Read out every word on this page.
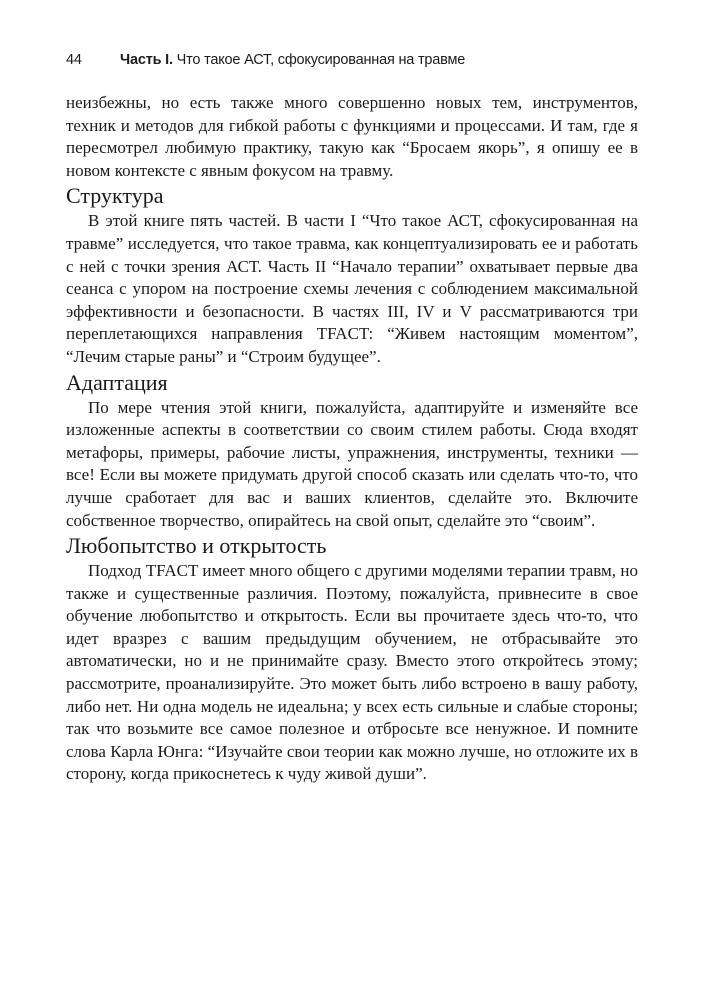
44	Часть I. Что такое АСТ, сфокусированная на травме

неизбежны, но есть также много совершенно новых тем, инструментов, техник и методов для гибкой работы с функциями и процессами. И там, где я пересмотрел любимую практику, такую как “Бросаем якорь”, я опишу ее в новом контексте с явным фокусом на травму.

Структура

В этой книге пять частей. В части I “Что такое АСТ, сфокусированная на травме” исследуется, что такое травма, как концептуализировать ее и работать с ней с точки зрения АСТ. Часть II “Начало терапии” охватывает первые два сеанса с упором на построение схемы лечения с соблюдением максимальной эффективности и безопасности. В частях III, IV и V рассматриваются три переплетающихся направления TFACT: “Живем настоящим моментом”, “Лечим старые раны” и “Строим будущее”.

Адаптация

По мере чтения этой книги, пожалуйста, адаптируйте и изменяйте все изложенные аспекты в соответствии со своим стилем работы. Сюда входят метафоры, примеры, рабочие листы, упражнения, инструменты, техники — все! Если вы можете придумать другой способ сказать или сделать что-то, что лучше сработает для вас и ваших клиентов, сделайте это. Включите собственное творчество, опирайтесь на свой опыт, сделайте это “своим”.

Любопытство и открытость

Подход TFACT имеет много общего с другими моделями терапии травм, но также и существенные различия. Поэтому, пожалуйста, привнесите в свое обучение любопытство и открытость. Если вы прочитаете здесь что-то, что идет вразрез с вашим предыдущим обучением, не отбрасывайте это автоматически, но и не принимайте сразу. Вместо этого откройтесь этому; рассмотрите, проанализируйте. Это может быть либо встроено в вашу работу, либо нет. Ни одна модель не идеальна; у всех есть сильные и слабые стороны; так что возьмите все самое полезное и отбросьте все ненужное. И помните слова Карла Юнга: “Изучайте свои теории как можно лучше, но отложите их в сторону, когда прикоснетесь к чуду живой души”.
